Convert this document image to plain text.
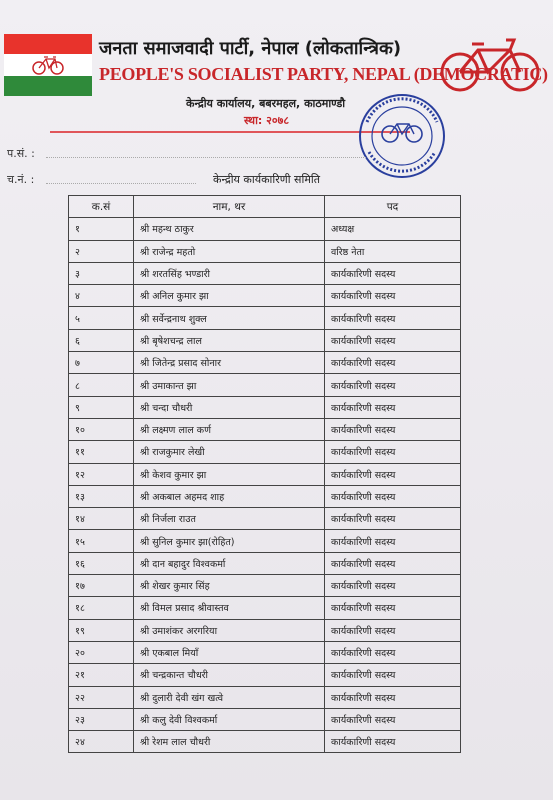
जनता समाजवादी पार्टी, नेपाल (लोकतान्त्रिक)
PEOPLE'S SOCIALIST PARTY, NEPAL (DEMOCRATIC)
केन्द्रीय कार्यालय, बबरमहल, काठमाण्डौ
स्था: २०७८
प.सं. :
च.नं. :	केन्द्रीय कार्यकारिणी समिति
क.सं	नाम, थर	पद
१	श्री महन्थ ठाकुर	अध्यक्ष
२	श्री राजेन्द्र महतो	वरिष्ठ नेता
३	श्री शरतसिंह भण्डारी	कार्यकारिणी सदस्य
४	श्री अनिल कुमार झा	कार्यकारिणी सदस्य
५	श्री सर्वेन्द्रनाथ शुक्ल	कार्यकारिणी सदस्य
६	श्री बृषेशचन्द्र लाल	कार्यकारिणी सदस्य
७	श्री जितेन्द्र प्रसाद सोनार	कार्यकारिणी सदस्य
८	श्री उमाकान्त झा	कार्यकारिणी सदस्य
९	श्री चन्दा चौधरी	कार्यकारिणी सदस्य
१०	श्री लक्ष्मण लाल कर्ण	कार्यकारिणी सदस्य
११	श्री राजकुमार लेखी	कार्यकारिणी सदस्य
१२	श्री केशव कुमार झा	कार्यकारिणी सदस्य
१३	श्री अकबाल अहमद शाह	कार्यकारिणी सदस्य
१४	श्री निर्जला राउत	कार्यकारिणी सदस्य
१५	श्री सुनिल कुमार झा(रोहित)	कार्यकारिणी सदस्य
१६	श्री दान बहादुर विश्वकर्मा	कार्यकारिणी सदस्य
१७	श्री शेखर कुमार सिंह	कार्यकारिणी सदस्य
१८	श्री विमल प्रसाद श्रीवास्तव	कार्यकारिणी सदस्य
१९	श्री उमाशंकर अरगरिया	कार्यकारिणी सदस्य
२०	श्री एकबाल मियाँ	कार्यकारिणी सदस्य
२१	श्री चन्द्रकान्त चौधरी	कार्यकारिणी सदस्य
२२	श्री दुलारी देवी खंग खत्वे	कार्यकारिणी सदस्य
२३	श्री कलु देवी विश्वकर्मा	कार्यकारिणी सदस्य
२४	श्री रेशम लाल चौधरी	कार्यकारिणी सदस्य
